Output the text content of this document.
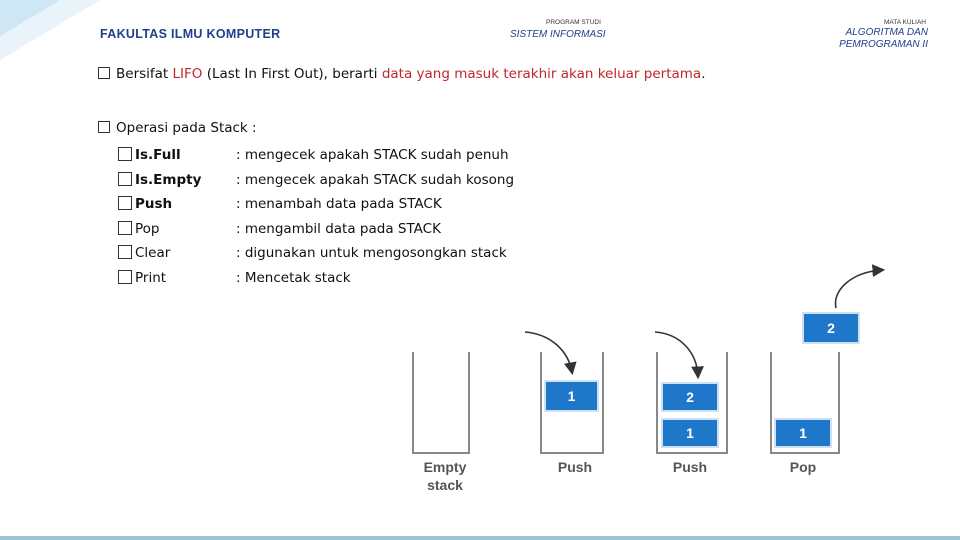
FAKULTAS ILMU KOMPUTER
PROGRAM STUDI
SISTEM INFORMASI
MATA KULIAH
ALGORITMA DAN PEMROGRAMAN II
Bersifat LIFO (Last In First Out), berarti data yang masuk terakhir akan keluar pertama.
Operasi pada Stack :
Is.Full	: mengecek apakah STACK sudah penuh
Is.Empty	: mengecek apakah STACK sudah kosong
Push	: menambah data pada STACK
Pop	: mengambil data pada STACK
Clear	: digunakan untuk mengosongkan stack
Print	: Mencetak stack
Empty
stack
1
Push
1
2
Push
1
2
Pop
